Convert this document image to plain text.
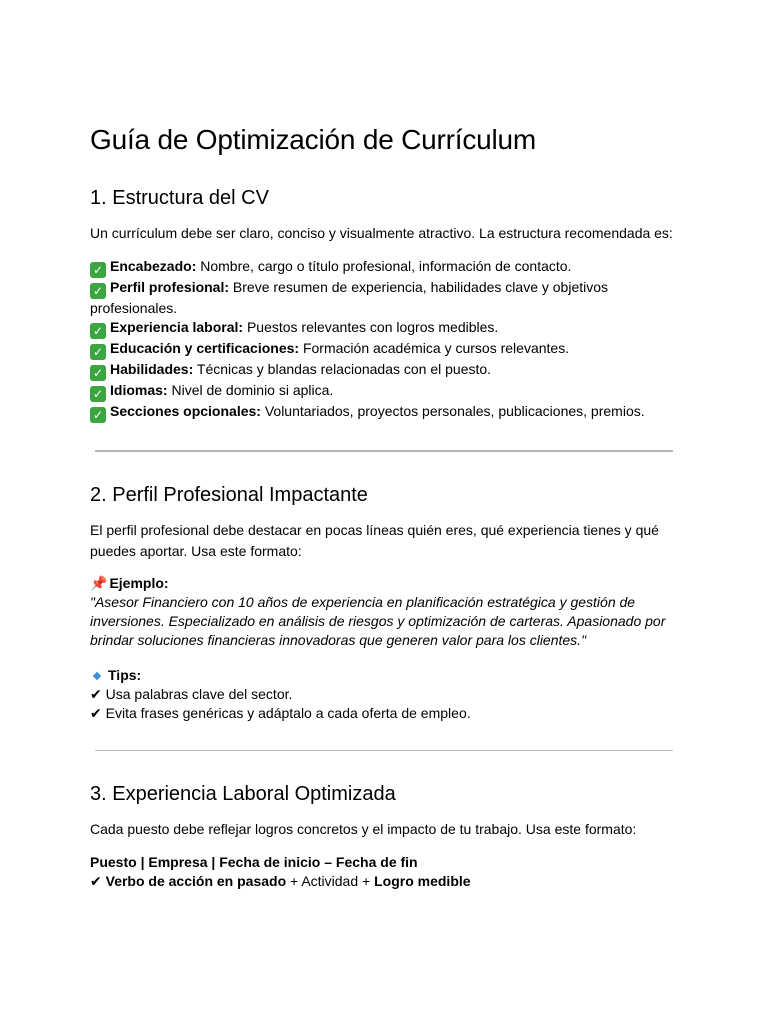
Guía de Optimización de Currículum
1. Estructura del CV

Un currículum debe ser claro, conciso y visualmente atractivo. La estructura recomendada es:

✓ Encabezado: Nombre, cargo o título profesional, información de contacto.
✓ Perfil profesional: Breve resumen de experiencia, habilidades clave y objetivos profesionales.
✓ Experiencia laboral: Puestos relevantes con logros medibles.
✓ Educación y certificaciones: Formación académica y cursos relevantes.
✓ Habilidades: Técnicas y blandas relacionadas con el puesto.
✓ Idiomas: Nivel de dominio si aplica.
✓ Secciones opcionales: Voluntariados, proyectos personales, publicaciones, premios.
2. Perfil Profesional Impactante

El perfil profesional debe destacar en pocas líneas quién eres, qué experiencia tienes y qué puedes aportar. Usa este formato:

📌 Ejemplo:

"Asesor Financiero con 10 años de experiencia en planificación estratégica y gestión de inversiones. Especializado en análisis de riesgos y optimización de carteras. Apasionado por brindar soluciones financieras innovadoras que generen valor para los clientes."

Tips:
✔ Usa palabras clave del sector.
✔ Evita frases genéricas y adáptalo a cada oferta de empleo.
3. Experiencia Laboral Optimizada

Cada puesto debe reflejar logros concretos y el impacto de tu trabajo. Usa este formato:

Puesto | Empresa | Fecha de inicio – Fecha de fin
✔ Verbo de acción en pasado + Actividad + Logro medible
